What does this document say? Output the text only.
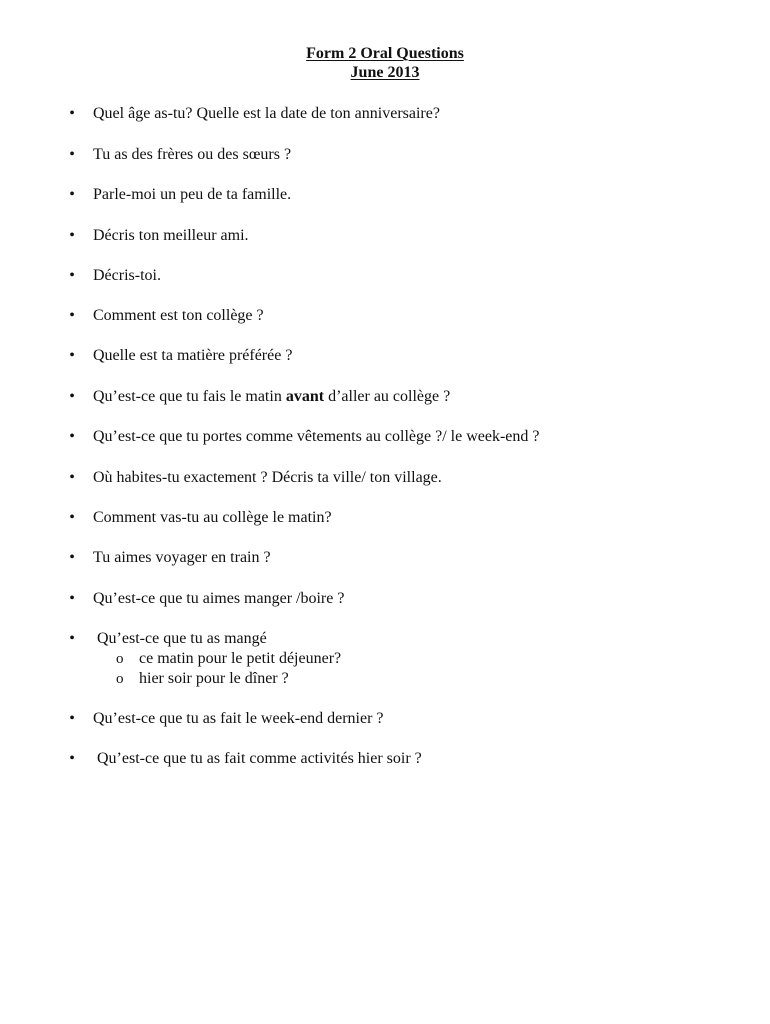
Form 2 Oral Questions
June 2013
• Quel âge as-tu? Quelle est la date de ton anniversaire?
• Tu as des frères ou des sœurs ?
• Parle-moi un peu de ta famille.
• Décris ton meilleur ami.
• Décris-toi.
• Comment est ton collège ?
• Quelle est ta matière préférée ?
• Qu’est-ce que tu fais le matin avant d’aller au collège ?
• Qu’est-ce que tu portes comme vêtements au collège ?/ le week-end ?
• Où habites-tu exactement ? Décris ta ville/ ton village.
• Comment vas-tu au collège le matin?
• Tu aimes voyager en train ?
• Qu’est-ce que tu aimes manger /boire ?
• Qu’est-ce que tu as mangé
o ce matin pour le petit déjeuner?
o hier soir pour le dîner ?
• Qu’est-ce que tu as fait le week-end dernier ?
• Qu’est-ce que tu as fait comme activités hier soir ?
